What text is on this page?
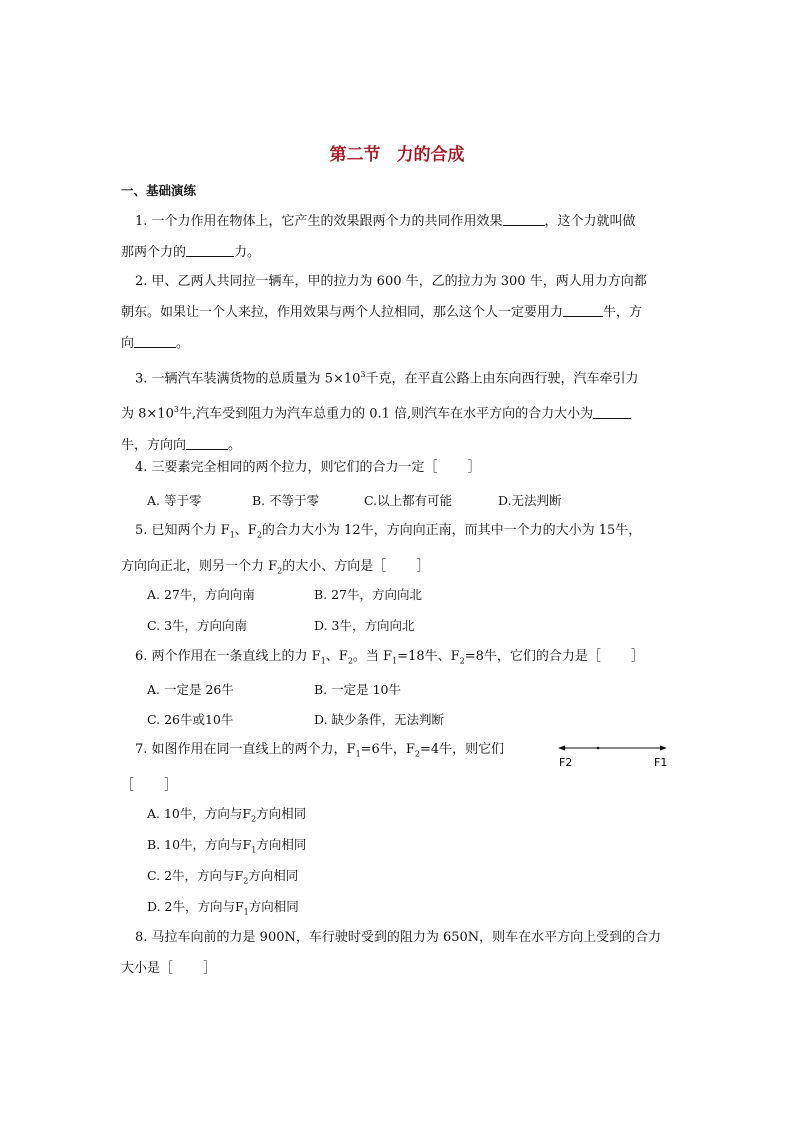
第二节 力的合成
一、基础演练
1. 一个力作用在物体上，它产生的效果跟两个力的共同作用效果	，这个力就叫做
那两个力的	力。
2. 甲、乙两人共同拉一辆车，甲的拉力为 600 牛，乙的拉力为 300 牛，两人用力方向都
朝东。如果让一个人来拉，作用效果与两个人拉相同，那么这个人一定要用力	牛，方
向	。
3. 一辆汽车装满货物的总质量为 $5\times 10^3$千克，在平直公路上由东向西行驶，汽车牵引力
为 $8\times 10^3$牛,汽车受到阻力为汽车总重力的 0.1 倍,则汽车在水平方向的合力大小为
牛，方向向	。
4. 三要素完全相同的两个拉力，则它们的合力一定［　　 ］
A. 等于零	B. 不等于零	C.以上都有可能	D.无法判断
5. 已知两个力 $F_1$、$F_2$的合力大小为 12牛，方向向正南，而其中一个力的大小为 15牛，
方向向正北，则另一个力 $F_2$的大小、方向是［　　 ］
A. 27牛，方向向南	B. 27牛，方向向北
C. 3牛，方向向南	D. 3牛，方向向北
6. 两个作用在一条直线上的力 $F_1$、$F_2$。当 $F_1=18$牛、$F_2=8$牛，它们的合力是［　　 ］
A. 一定是 26牛	B. 一定是 10牛
C. 26牛或10牛	D. 缺少条件，无法判断
7. 如图作用在同一直线上的两个力，$F_1=6$牛，$F_2=4$牛，则它们
［　　 ］
F2	F1
A. 10牛，方向与$F_2$方向相同
B. 10牛，方向与$F_1$方向相同
C. 2牛，方向与$F_2$方向相同
D. 2牛，方向与$F_1$方向相同
8. 马拉车向前的力是 900N，车行驶时受到的阻力为 650N，则车在水平方向上受到的合力
大小是［　　 ］
